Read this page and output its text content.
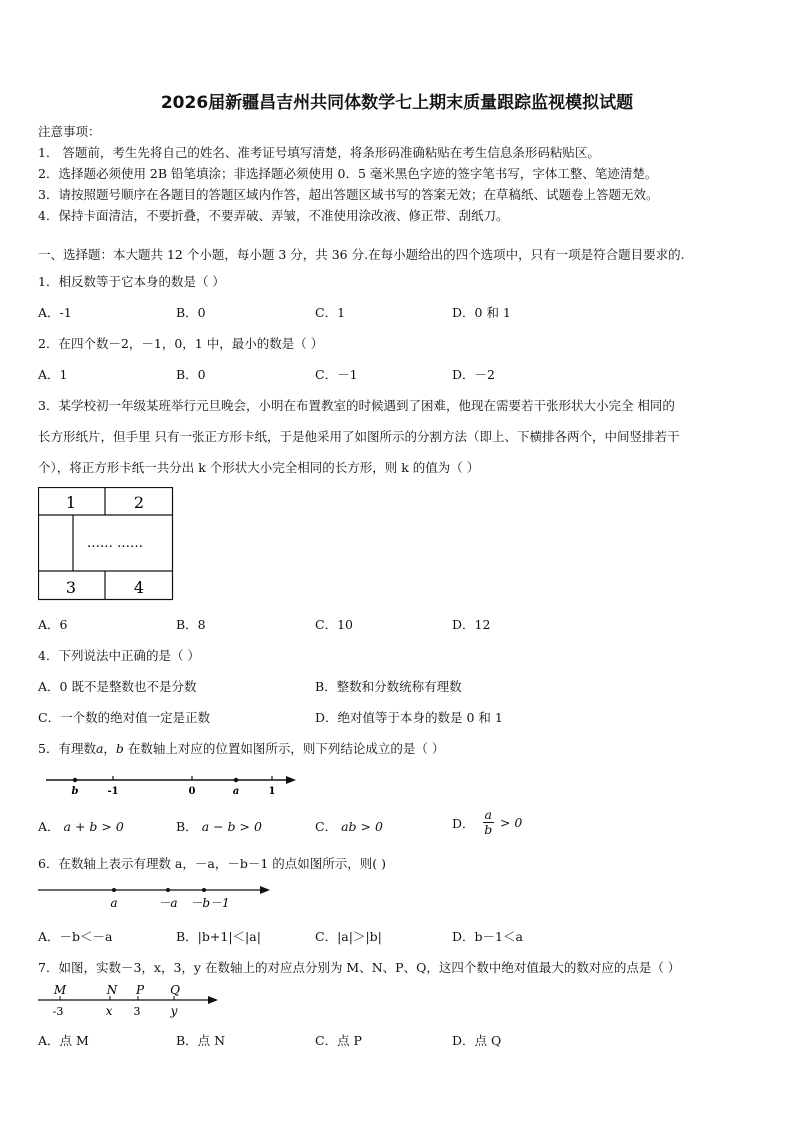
2026届新疆昌吉州共同体数学七上期末质量跟踪监视模拟试题
注意事项：
1． 答题前，考生先将自己的姓名、准考证号填写清楚，将条形码准确粘贴在考生信息条形码粘贴区。
2．选择题必须使用 2B 铅笔填涂；非选择题必须使用 0．5 毫米黑色字迹的签字笔书写，字体工整、笔迹清楚。
3．请按照题号顺序在各题目的答题区域内作答，超出答题区域书写的答案无效；在草稿纸、试题卷上答题无效。
4．保持卡面清洁，不要折叠，不要弄破、弄皱，不准使用涂改液、修正带、刮纸刀。
一、选择题：本大题共 12 个小题，每小题 3 分，共 36 分.在每小题给出的四个选项中，只有一项是符合题目要求的.
1．相反数等于它本身的数是（ ）
A．-1	B．0	C．1	D．0 和 1
2．在四个数－2，－1，0，1 中，最小的数是（ ）
A．1	B．0	C．－1	D．－2
3．某学校初一年级某班举行元旦晚会，小明在布置教室的时候遇到了困难，他现在需要若干张形状大小完全 相同的
长方形纸片，但手里 只有一张正方形卡纸，于是他采用了如图所示的分割方法（即上、下横排各两个，中间竖排若干
个），将正方形卡纸一共分出 k 个形状大小完全相同的长方形，则 k 的值为（ ）
1	2
…… ……
3	4
A．6	B．8	C．10	D．12
4．下列说法中正确的是（ ）
A．0 既不是整数也不是分数	B．整数和分数统称有理数
C．一个数的绝对值一定是正数	D．绝对值等于本身的数是 0 和 1
5．有理数a，b 在数轴上对应的位置如图所示，则下列结论成立的是（ ）
b	-1	0	a	1
A． a + b > 0	B． a − b > 0	C． ab > 0	D． $\frac{a}{b} > 0$
6．在数轴上表示有理数 a，－a，－b－1 的点如图所示，则( )
a	－a －b－1
A．－b＜－a	B．|b+1|＜|a|	C．|a|＞|b|	D．b－1＜a
7．如图，实数－3，x，3，y 在数轴上的对应点分别为 M、N、P、Q，这四个数中绝对值最大的数对应的点是（ ）
M	N P Q
-3	x 3	y
A．点 M	B．点 N	C．点 P	D．点 Q
